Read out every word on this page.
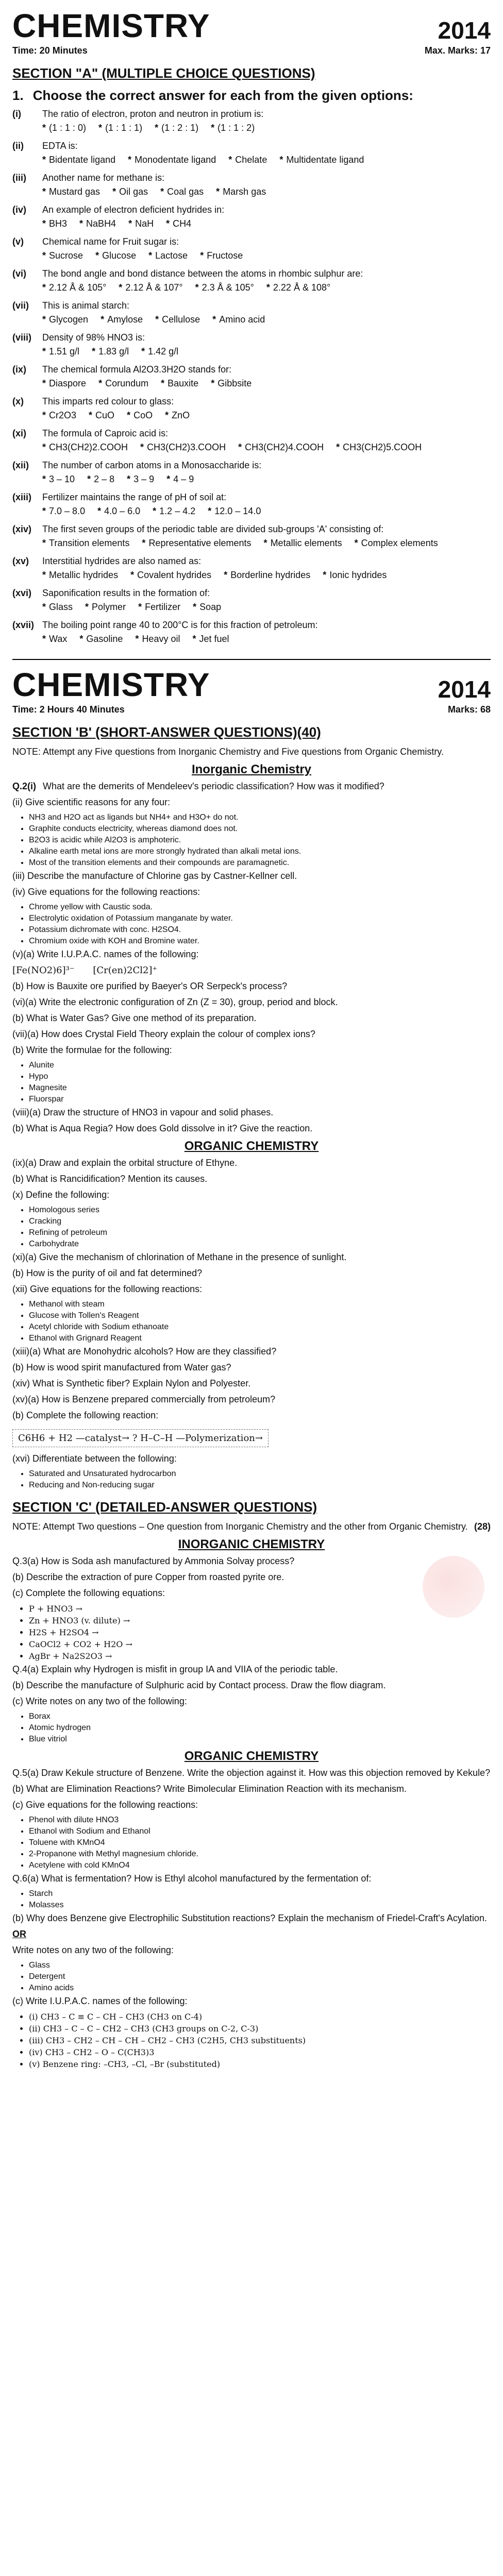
CHEMISTRY	2014
Time: 20 Minutes	Max. Marks: 17
SECTION "A" (MULTIPLE CHOICE QUESTIONS)
1. Choose the correct answer for each from the given options:
(i)	The ratio of electron, proton and neutron in protium is:
* (1 : 1 : 0) * (1 : 1 : 1) * (1 : 2 : 1) * (1 : 1 : 2)
(ii)	EDTA is:
* Bidentate ligand * Monodentate ligand * Chelate * Multidentate ligand
(iii)	Another name for methane is:
* Mustard gas * Oil gas * Coal gas * Marsh gas
(iv)	An example of electron deficient hydrides in:
* BH3 * NaBH4 * NaH * CH4
(v)	Chemical name for Fruit sugar is:
* Sucrose * Glucose * Lactose * Fructose
(vi)	The bond angle and bond distance between the atoms in rhombic sulphur are:
* 2.12 Å & 105° * 2.12 Å & 107° * 2.3 Å & 105° * 2.22 Å & 108°
(vii)	This is animal starch:
* Glycogen * Amylose * Cellulose * Amino acid
(viii)	Density of 98% HNO3 is:
* 1.51 g/l * 1.83 g/l * 1.42 g/l
(ix)	The chemical formula Al2O3.3H2O stands for:
* Diaspore * Corundum * Bauxite * Gibbsite
(x)	This imparts red colour to glass:
* Cr2O3 * CuO * CoO * ZnO
(xi)	The formula of Caproic acid is:
* CH3(CH2)2.COOH * CH3(CH2)3.COOH * CH3(CH2)4.COOH * CH3(CH2)5.COOH
(xii)	The number of carbon atoms in a Monosaccharide is:
* 3 – 10 * 2 – 8 * 3 – 9 * 4 – 9
(xiii)	Fertilizer maintains the range of pH of soil at:
* 7.0 – 8.0 * 4.0 – 6.0 * 1.2 – 4.2 * 12.0 – 14.0
(xiv)	The first seven groups of the periodic table are divided sub-groups 'A' consisting of:
* Transition elements * Representative elements * Metallic elements * Complex elements
(xv)	Interstitial hydrides are also named as:
* Metallic hydrides * Covalent hydrides * Borderline hydrides * Ionic hydrides
(xvi)	Saponification results in the formation of:
* Glass * Polymer * Fertilizer * Soap
(xvii) The boiling point range 40 to 200°C is for this fraction of petroleum:
* Wax * Gasoline * Heavy oil * Jet fuel
CHEMISTRY	2014
Time: 2 Hours 40 Minutes	Marks: 68
SECTION 'B' (SHORT-ANSWER QUESTIONS)(40)
NOTE: Attempt any Five questions from Inorganic Chemistry and Five questions from Organic Chemistry.
Inorganic Chemistry
Q.2(i) What are the demerits of Mendeleev's periodic classification? How was it modified?
(ii) Give scientific reasons for any four:
• NH3 and H2O act as ligands but NH4+ and H3O+ do not.
• Graphite conducts electricity, whereas diamond does not.
• B2O3 is acidic while Al2O3 is amphoteric.
• Alkaline earth metal ions are more strongly hydrated than alkali metal ions.
• Most of the transition elements and their compounds are paramagnetic.
(iii) Describe the manufacture of Chlorine gas by Castner-Kellner cell.
(iv) Give equations for the following reactions:
• Chrome yellow with Caustic soda.
• Electrolytic oxidation of Potassium manganate by water.
• Potassium dichromate with conc. H2SO4.
• Chromium oxide with KOH and Bromine water.
(v)(a) Write I.U.P.A.C. names of the following:
[Fe(NO2)6]³⁻ [Cr(en)2Cl2]⁺
(b) How is Bauxite ore purified by Baeyer's OR Serpeck's process?
(vi)(a) Write the electronic configuration of Zn (Z = 30), group, period and block.
(b) What is Water Gas? Give one method of its preparation.
(vii)(a) How does Crystal Field Theory explain the colour of complex ions?
(b) Write the formulae for the following:
• Alunite
• Hypo
• Magnesite
• Fluorspar
(viii)(a) Draw the structure of HNO3 in vapour and solid phases.
(b) What is Aqua Regia? How does Gold dissolve in it? Give the reaction.
ORGANIC CHEMISTRY
(ix)(a) Draw and explain the orbital structure of Ethyne.
(b) What is Rancidification? Mention its causes.
(x) Define the following:
• Homologous series
• Cracking
• Refining of petroleum
• Carbohydrate
(xi)(a) Give the mechanism of chlorination of Methane in the presence of sunlight.
(b) How is the purity of oil and fat determined?
(xii) Give equations for the following reactions:
• Methanol with steam
• Glucose with Tollen's Reagent
• Acetyl chloride with Sodium ethanoate
• Ethanol with Grignard Reagent
(xiii)(a) What are Monohydric alcohols? How are they classified?
(b) How is wood spirit manufactured from Water gas?
(xiv) What is Synthetic fiber? Explain Nylon and Polyester.
(xv)(a) How is Benzene prepared commercially from petroleum?
(b) Complete the following reaction:
C6H6 + H2 —catalyst→ ? H–C–H —Polymerization→
(xvi) Differentiate between the following:
• Saturated and Unsaturated hydrocarbon
• Reducing and Non-reducing sugar
SECTION 'C' (DETAILED-ANSWER QUESTIONS)
NOTE: Attempt Two questions – One question from Inorganic Chemistry and the other from Organic Chemistry. (28)
INORGANIC CHEMISTRY
Q.3(a) How is Soda ash manufactured by Ammonia Solvay process?
(b) Describe the extraction of pure Copper from roasted pyrite ore.
(c) Complete the following equations:
• P + HNO3 →
• Zn + HNO3 (v. dilute) →
• H2S + H2SO4 →
• CaOCl2 + CO2 + H2O →
• AgBr + Na2S2O3 →
Q.4(a) Explain why Hydrogen is misfit in group IA and VIIA of the periodic table.
(b) Describe the manufacture of Sulphuric acid by Contact process. Draw the flow diagram.
(c) Write notes on any two of the following:
• Borax
• Atomic hydrogen
• Blue vitriol
ORGANIC CHEMISTRY
Q.5(a) Draw Kekule structure of Benzene. Write the objection against it. How was this objection removed by Kekule?
(b) What are Elimination Reactions? Write Bimolecular Elimination Reaction with its mechanism.
(c) Give equations for the following reactions:
• Phenol with dilute HNO3
• Ethanol with Sodium and Ethanol
• Toluene with KMnO4
• 2-Propanone with Methyl magnesium chloride.
• Acetylene with cold KMnO4
Q.6(a) What is fermentation? How is Ethyl alcohol manufactured by the fermentation of:
• Starch
• Molasses
(b) Why does Benzene give Electrophilic Substitution reactions? Explain the mechanism of Friedel-Craft's Acylation.
OR
Write notes on any two of the following:
• Glass
• Detergent
• Amino acids
(c) Write I.U.P.A.C. names of the following:
• (i) CH3 – C ≡ C – CH – CH3 (CH3 on C-4)
• (ii) CH3 – C – C – CH2 – CH3 (CH3 groups on C-2, C-3)
• (iii) CH3 – CH2 – CH – CH – CH2 – CH3 (C2H5, CH3 substituents)
• (iv) CH3 – CH2 – O – C(CH3)3
• (v) Benzene ring: –CH3, –Cl, –Br (substituted)
